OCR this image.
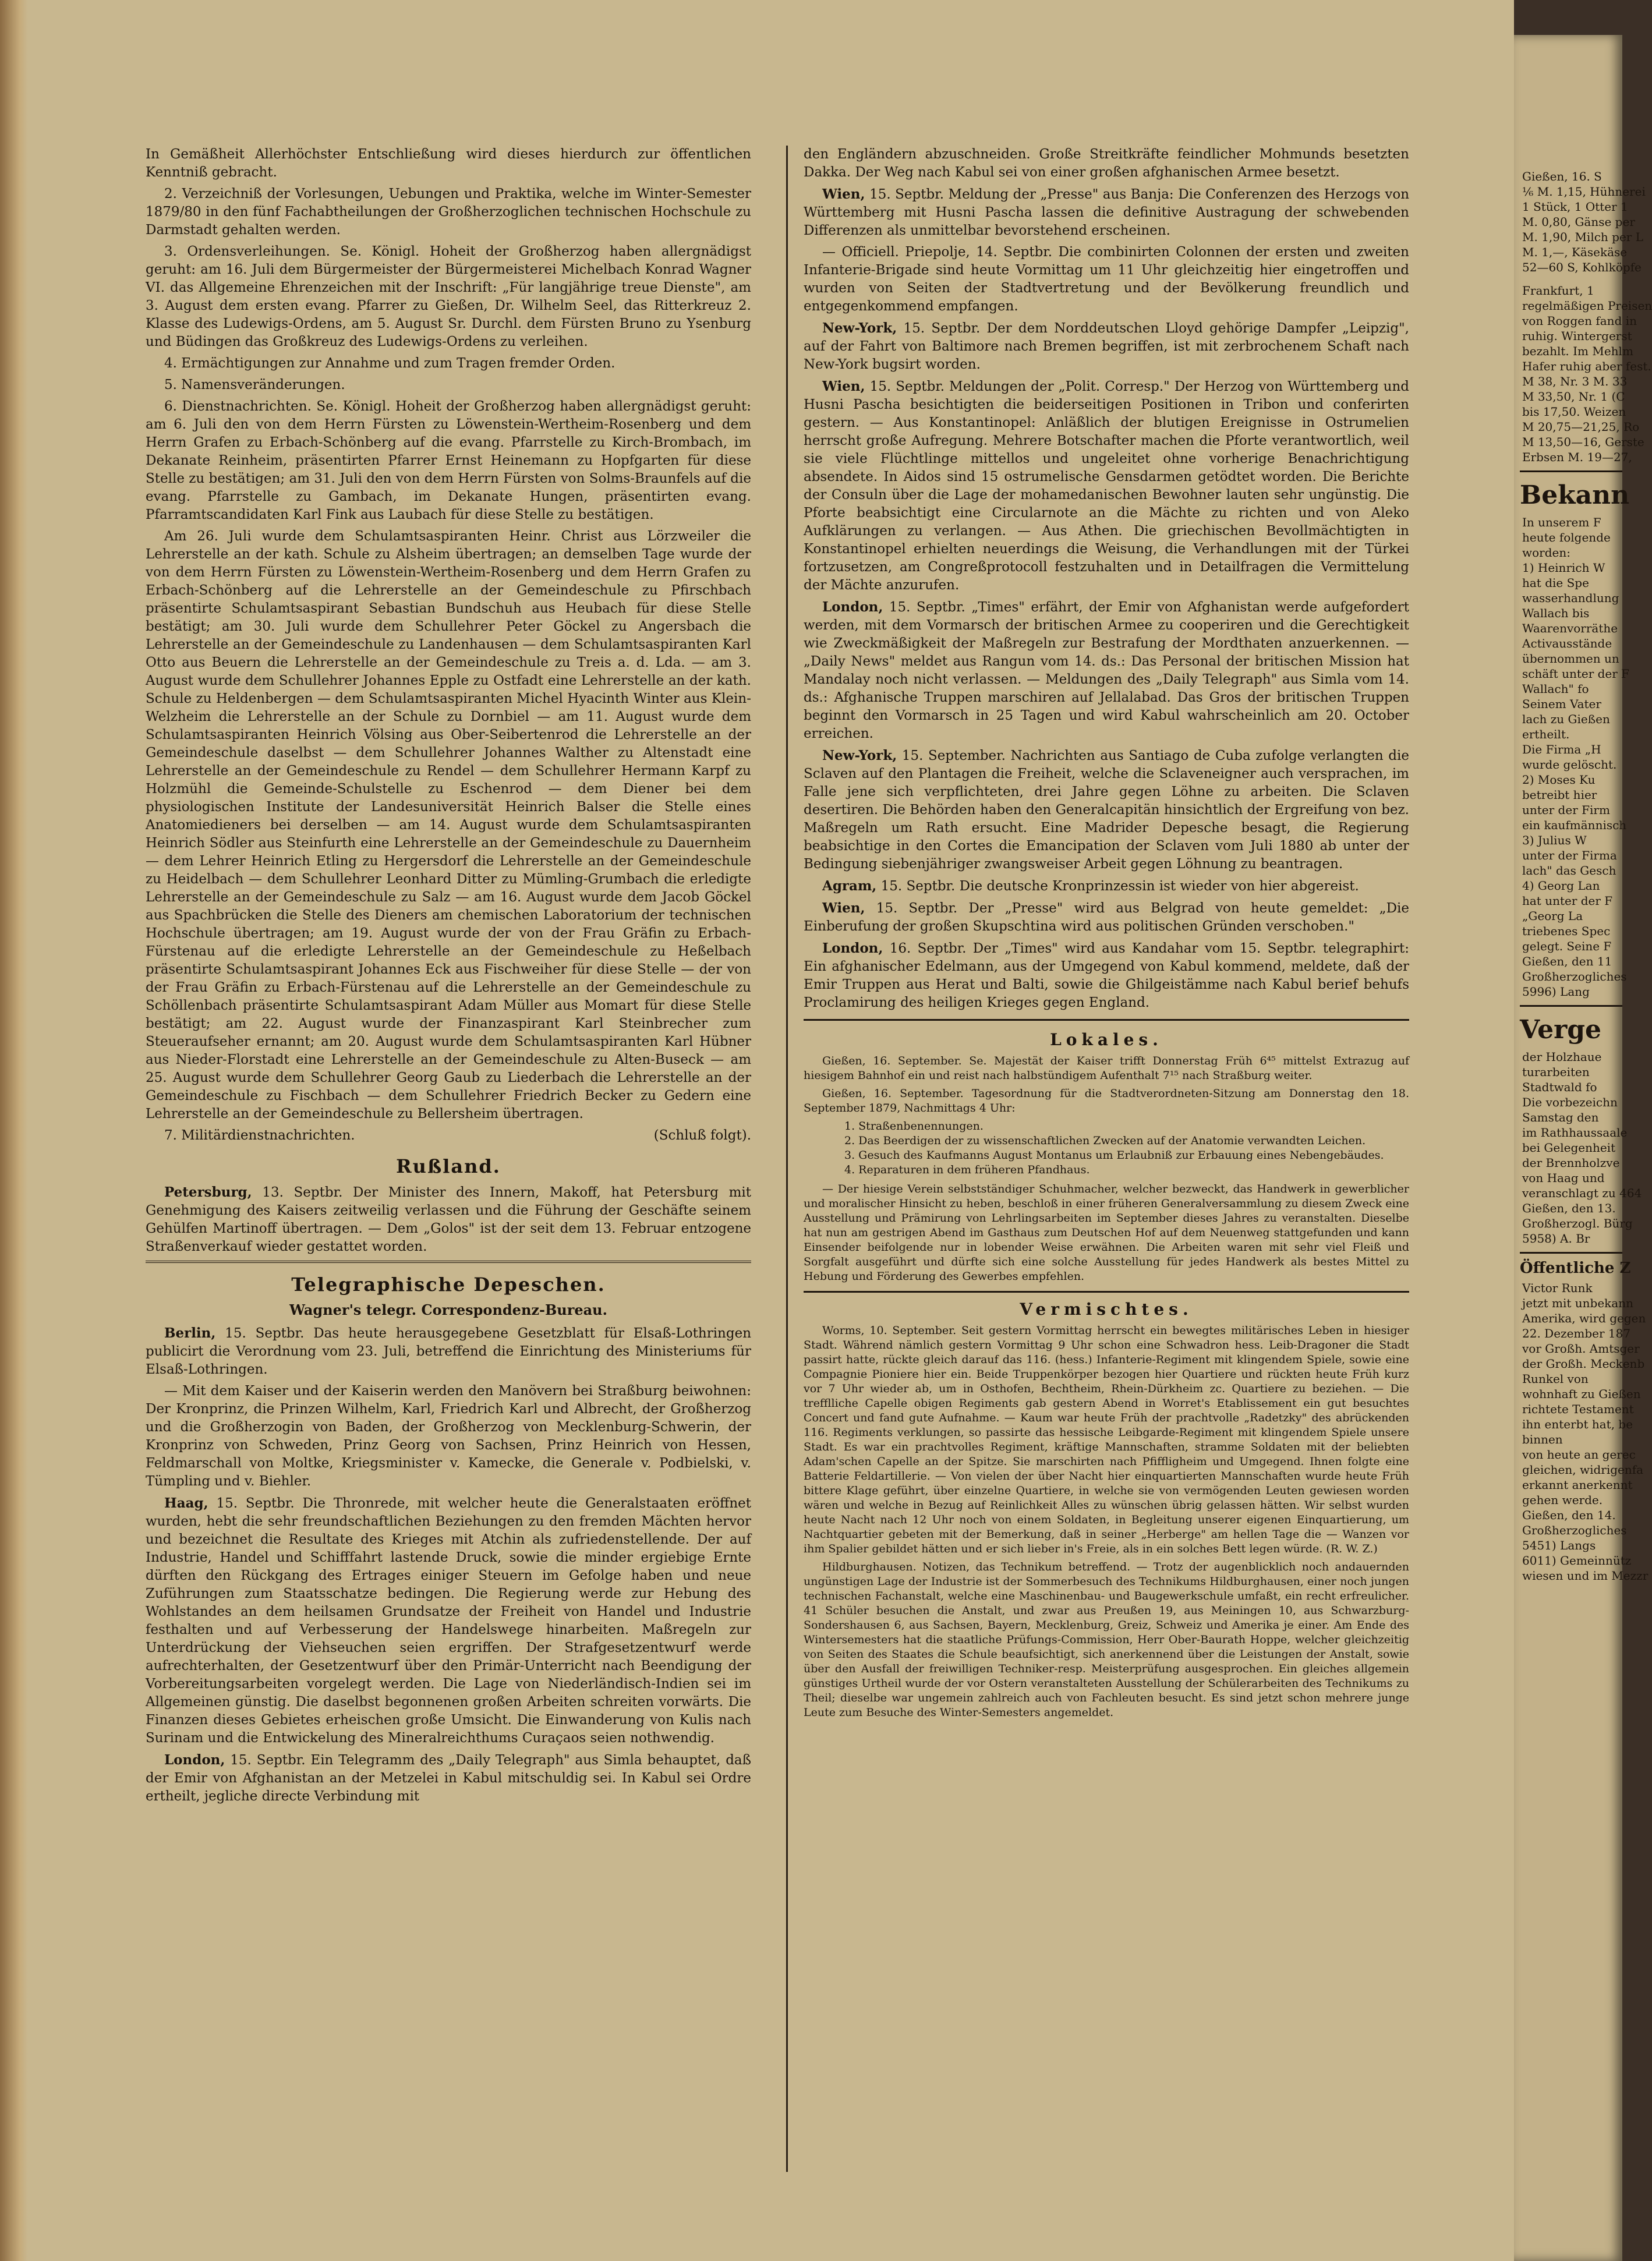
In Gemäßheit Allerhöchster Entschließung wird dieses hierdurch zur öffentlichen Kenntniß gebracht.

2. Verzeichniß der Vorlesungen, Uebungen und Praktika, welche im Winter-Semester 1879/80 in den fünf Fachabtheilungen der Großherzoglichen technischen Hochschule zu Darmstadt gehalten werden.

3. Ordensverleihungen. Se. Königl. Hoheit der Großherzog haben allergnädigst geruht: am 16. Juli dem Bürgermeister der Bürgermeisterei Michelbach Konrad Wagner VI. das Allgemeine Ehrenzeichen mit der Inschrift: „Für langjährige treue Dienste", am 3. August dem ersten evang. Pfarrer zu Gießen, Dr. Wilhelm Seel, das Ritterkreuz 2. Klasse des Ludewigs-Ordens, am 5. August Sr. Durchl. dem Fürsten Bruno zu Ysenburg und Büdingen das Großkreuz des Ludewigs-Ordens zu verleihen.

4. Ermächtigungen zur Annahme und zum Tragen fremder Orden.

5. Namensveränderungen.

6. Dienstnachrichten. Se. Königl. Hoheit der Großherzog haben allergnädigst geruht: am 6. Juli den von dem Herrn Fürsten zu Löwenstein-Wertheim-Rosenberg und dem Herrn Grafen zu Erbach-Schönberg auf die evang. Pfarrstelle zu Kirch-Brombach, im Dekanate Reinheim, präsentirten Pfarrer Ernst Heinemann zu Hopfgarten für diese Stelle zu bestätigen; am 31. Juli den von dem Herrn Fürsten von Solms-Braunfels auf die evang. Pfarrstelle zu Gambach, im Dekanate Hungen, präsentirten evang. Pfarramtscandidaten Karl Fink aus Laubach für diese Stelle zu bestätigen.

Am 26. Juli wurde dem Schulamtsaspiranten Heinr. Christ aus Lörzweiler die Lehrerstelle an der kath. Schule zu Alsheim übertragen; an demselben Tage wurde der von dem Herrn Fürsten zu Löwenstein-Wertheim-Rosenberg und dem Herrn Grafen zu Erbach-Schönberg auf die Lehrerstelle an der Gemeindeschule zu Pfirschbach präsentirte Schulamtsaspirant Sebastian Bundschuh aus Heubach für diese Stelle bestätigt; am 30. Juli wurde dem Schullehrer Peter Göckel zu Angersbach die Lehrerstelle an der Gemeindeschule zu Landenhausen — dem Schulamtsaspiranten Karl Otto aus Beuern die Lehrerstelle an der Gemeindeschule zu Treis a. d. Lda. — am 3. August wurde dem Schullehrer Johannes Epple zu Ostfadt eine Lehrerstelle an der kath. Schule zu Heldenbergen — dem Schulamtsaspiranten Michel Hyacinth Winter aus Klein-Welzheim die Lehrerstelle an der Schule zu Dornbiel — am 11. August wurde dem Schulamtsaspiranten Heinrich Völsing aus Ober-Seibertenrod die Lehrerstelle an der Gemeindeschule daselbst — dem Schullehrer Johannes Walther zu Altenstadt eine Lehrerstelle an der Gemeindeschule zu Rendel — dem Schullehrer Hermann Karpf zu Holzmühl die Gemeinde-Schulstelle zu Eschenrod — dem Diener bei dem physiologischen Institute der Landesuniversität Heinrich Balser die Stelle eines Anatomiedieners bei derselben — am 14. August wurde dem Schulamtsaspiranten Heinrich Södler aus Steinfurth eine Lehrerstelle an der Gemeindeschule zu Dauernheim — dem Lehrer Heinrich Etling zu Hergersdorf die Lehrerstelle an der Gemeindeschule zu Heidelbach — dem Schullehrer Leonhard Ditter zu Mümling-Grumbach die erledigte Lehrerstelle an der Gemeindeschule zu Salz — am 16. August wurde dem Jacob Göckel aus Spachbrücken die Stelle des Dieners am chemischen Laboratorium der technischen Hochschule übertragen; am 19. August wurde der von der Frau Gräfin zu Erbach-Fürstenau auf die erledigte Lehrerstelle an der Gemeindeschule zu Heßelbach präsentirte Schulamtsaspirant Johannes Eck aus Fischweiher für diese Stelle — der von der Frau Gräfin zu Erbach-Fürstenau auf die Lehrerstelle an der Gemeindeschule zu Schöllenbach präsentirte Schulamtsaspirant Adam Müller aus Momart für diese Stelle bestätigt; am 22. August wurde der Finanzaspirant Karl Steinbrecher zum Steueraufseher ernannt; am 20. August wurde dem Schulamtsaspiranten Karl Hübner aus Nieder-Florstadt eine Lehrerstelle an der Gemeindeschule zu Alten-Buseck — am 25. August wurde dem Schullehrer Georg Gaub zu Liederbach die Lehrerstelle an der Gemeindeschule zu Fischbach — dem Schullehrer Friedrich Becker zu Gedern eine Lehrerstelle an der Gemeindeschule zu Bellersheim übertragen.

7. Militärdienstnachrichten.	(Schluß folgt).

Rußland.

Petersburg, 13. Septbr. Der Minister des Innern, Makoff, hat Petersburg mit Genehmigung des Kaisers zeitweilig verlassen und die Führung der Geschäfte seinem Gehülfen Martinoff übertragen. — Dem „Golos" ist der seit dem 13. Februar entzogene Straßenverkauf wieder gestattet worden.

Telegraphische Depeschen.
Wagner's telegr. Correspondenz-Bureau.

Berlin, 15. Septbr. Das heute herausgegebene Gesetzblatt für Elsaß-Lothringen publicirt die Verordnung vom 23. Juli, betreffend die Einrichtung des Ministeriums für Elsaß-Lothringen.

— Mit dem Kaiser und der Kaiserin werden den Manövern bei Straßburg beiwohnen: Der Kronprinz, die Prinzen Wilhelm, Karl, Friedrich Karl und Albrecht, der Großherzog und die Großherzogin von Baden, der Großherzog von Mecklenburg-Schwerin, der Kronprinz von Schweden, Prinz Georg von Sachsen, Prinz Heinrich von Hessen, Feldmarschall von Moltke, Kriegsminister v. Kamecke, die Generale v. Podbielski, v. Tümpling und v. Biehler.

Haag, 15. Septbr. Die Thronrede, mit welcher heute die Generalstaaten eröffnet wurden, hebt die sehr freundschaftlichen Beziehungen zu den fremden Mächten hervor und bezeichnet die Resultate des Krieges mit Atchin als zufriedenstellende. Der auf Industrie, Handel und Schifffahrt lastende Druck, sowie die minder ergiebige Ernte dürften den Rückgang des Ertrages einiger Steuern im Gefolge haben und neue Zuführungen zum Staatsschatze bedingen. Die Regierung werde zur Hebung des Wohlstandes an dem heilsamen Grundsatze der Freiheit von Handel und Industrie festhalten und auf Verbesserung der Handelswege hinarbeiten. Maßregeln zur Unterdrückung der Viehseuchen seien ergriffen. Der Strafgesetzentwurf werde aufrechterhalten, der Gesetzentwurf über den Primär-Unterricht nach Beendigung der Vorbereitungsarbeiten vorgelegt werden. Die Lage von Niederländisch-Indien sei im Allgemeinen günstig. Die daselbst begonnenen großen Arbeiten schreiten vorwärts. Die Finanzen dieses Gebietes erheischen große Umsicht. Die Einwanderung von Kulis nach Surinam und die Entwickelung des Mineralreichthums Curaçaos seien nothwendig.

London, 15. Septbr. Ein Telegramm des „Daily Telegraph" aus Simla behauptet, daß der Emir von Afghanistan an der Metzelei in Kabul mitschuldig sei. In Kabul sei Ordre ertheilt, jegliche directe Verbindung mit

den Engländern abzuschneiden. Große Streitkräfte feindlicher Mohmunds besetzten Dakka. Der Weg nach Kabul sei von einer großen afghanischen Armee besetzt.

Wien, 15. Septbr. Meldung der „Presse" aus Banja: Die Conferenzen des Herzogs von Württemberg mit Husni Pascha lassen die definitive Austragung der schwebenden Differenzen als unmittelbar bevorstehend erscheinen.

— Officiell. Priepolje, 14. Septbr. Die combinirten Colonnen der ersten und zweiten Infanterie-Brigade sind heute Vormittag um 11 Uhr gleichzeitig hier eingetroffen und wurden von Seiten der Stadtvertretung und der Bevölkerung freundlich und entgegenkommend empfangen.

New-York, 15. Septbr. Der dem Norddeutschen Lloyd gehörige Dampfer „Leipzig", auf der Fahrt von Baltimore nach Bremen begriffen, ist mit zerbrochenem Schaft nach New-York bugsirt worden.

Wien, 15. Septbr. Meldungen der „Polit. Corresp." Der Herzog von Württemberg und Husni Pascha besichtigten die beiderseitigen Positionen in Tribon und conferirten gestern. — Aus Konstantinopel: Anläßlich der blutigen Ereignisse in Ostrumelien herrscht große Aufregung. Mehrere Botschafter machen die Pforte verantwortlich, weil sie viele Flüchtlinge mittellos und ungeleitet ohne vorherige Benachrichtigung absendete. In Aidos sind 15 ostrumelische Gensdarmen getödtet worden. Die Berichte der Consuln über die Lage der mohamedanischen Bewohner lauten sehr ungünstig. Die Pforte beabsichtigt eine Circularnote an die Mächte zu richten und von Aleko Aufklärungen zu verlangen. — Aus Athen. Die griechischen Bevollmächtigten in Konstantinopel erhielten neuerdings die Weisung, die Verhandlungen mit der Türkei fortzusetzen, am Congreßprotocoll festzuhalten und in Detailfragen die Vermittelung der Mächte anzurufen.

London, 15. Septbr. „Times" erfährt, der Emir von Afghanistan werde aufgefordert werden, mit dem Vormarsch der britischen Armee zu cooperiren und die Gerechtigkeit wie Zweckmäßigkeit der Maßregeln zur Bestrafung der Mordthaten anzuerkennen. — „Daily News" meldet aus Rangun vom 14. ds.: Das Personal der britischen Mission hat Mandalay noch nicht verlassen. — Meldungen des „Daily Telegraph" aus Simla vom 14. ds.: Afghanische Truppen marschiren auf Jellalabad. Das Gros der britischen Truppen beginnt den Vormarsch in 25 Tagen und wird Kabul wahrscheinlich am 20. October erreichen.

New-York, 15. September. Nachrichten aus Santiago de Cuba zufolge verlangten die Sclaven auf den Plantagen die Freiheit, welche die Sclaveneigner auch versprachen, im Falle jene sich verpflichteten, drei Jahre gegen Löhne zu arbeiten. Die Sclaven desertiren. Die Behörden haben den Generalcapitän hinsichtlich der Ergreifung von bez. Maßregeln um Rath ersucht. Eine Madrider Depesche besagt, die Regierung beabsichtige in den Cortes die Emancipation der Sclaven vom Juli 1880 ab unter der Bedingung siebenjähriger zwangsweiser Arbeit gegen Löhnung zu beantragen.

Agram, 15. Septbr. Die deutsche Kronprinzessin ist wieder von hier abgereist.

Wien, 15. Septbr. Der „Presse" wird aus Belgrad von heute gemeldet: „Die Einberufung der großen Skupschtina wird aus politischen Gründen verschoben."

London, 16. Septbr. Der „Times" wird aus Kandahar vom 15. Septbr. telegraphirt: Ein afghanischer Edelmann, aus der Umgegend von Kabul kommend, meldete, daß der Emir Truppen aus Herat und Balti, sowie die Ghilgeistämme nach Kabul berief behufs Proclamirung des heiligen Krieges gegen England.

Lokales.

Gießen, 16. September. Se. Majestät der Kaiser trifft Donnerstag Früh 6⁴⁵ mittelst Extrazug auf hiesigem Bahnhof ein und reist nach halbstündigem Aufenthalt 7¹⁵ nach Straßburg weiter.

Gießen, 16. September. Tagesordnung für die Stadtverordneten-Sitzung am Donnerstag den 18. September 1879, Nachmittags 4 Uhr:

1. Straßenbenennungen.
2. Das Beerdigen der zu wissenschaftlichen Zwecken auf der Anatomie verwandten Leichen.
3. Gesuch des Kaufmanns August Montanus um Erlaubniß zur Erbauung eines Nebengebäudes.
4. Reparaturen in dem früheren Pfandhaus.

— Der hiesige Verein selbstständiger Schuhmacher, welcher bezweckt, das Handwerk in gewerblicher und moralischer Hinsicht zu heben, beschloß in einer früheren Generalversammlung zu diesem Zweck eine Ausstellung und Prämirung von Lehrlingsarbeiten im September dieses Jahres zu veranstalten. Dieselbe hat nun am gestrigen Abend im Gasthaus zum Deutschen Hof auf dem Neuenweg stattgefunden und kann Einsender beifolgende nur in lobender Weise erwähnen. Die Arbeiten waren mit sehr viel Fleiß und Sorgfalt ausgeführt und dürfte sich eine solche Ausstellung für jedes Handwerk als bestes Mittel zu Hebung und Förderung des Gewerbes empfehlen.

Vermischtes.

Worms, 10. September. Seit gestern Vormittag herrscht ein bewegtes militärisches Leben in hiesiger Stadt. Während nämlich gestern Vormittag 9 Uhr schon eine Schwadron hess. Leib-Dragoner die Stadt passirt hatte, rückte gleich darauf das 116. (hess.) Infanterie-Regiment mit klingendem Spiele, sowie eine Compagnie Pioniere hier ein. Beide Truppenkörper bezogen hier Quartiere und rückten heute Früh kurz vor 7 Uhr wieder ab, um in Osthofen, Bechtheim, Rhein-Dürkheim zc. Quartiere zu beziehen. — Die trefflliche Capelle obigen Regiments gab gestern Abend in Worret's Etablissement ein gut besuchtes Concert und fand gute Aufnahme. — Kaum war heute Früh der prachtvolle „Radetzky" des abrückenden 116. Regiments verklungen, so passirte das hessische Leibgarde-Regiment mit klingendem Spiele unsere Stadt. Es war ein prachtvolles Regiment, kräftige Mannschaften, stramme Soldaten mit der beliebten Adam'schen Capelle an der Spitze. Sie marschirten nach Pfiffligheim und Umgegend. Ihnen folgte eine Batterie Feldartillerie. — Von vielen der über Nacht hier einquartierten Mannschaften wurde heute Früh bittere Klage geführt, über einzelne Quartiere, in welche sie von vermögenden Leuten gewiesen worden wären und welche in Bezug auf Reinlichkeit Alles zu wünschen übrig gelassen hätten. Wir selbst wurden heute Nacht nach 12 Uhr noch von einem Soldaten, in Begleitung unserer eigenen Einquartierung, um Nachtquartier gebeten mit der Bemerkung, daß in seiner „Herberge" am hellen Tage die — Wanzen vor ihm Spalier gebildet hätten und er sich lieber in's Freie, als in ein solches Bett legen würde. (R. W. Z.)

Hildburghausen. Notizen, das Technikum betreffend. — Trotz der augenblicklich noch andauernden ungünstigen Lage der Industrie ist der Sommerbesuch des Technikums Hildburghausen, einer noch jungen technischen Fachanstalt, welche eine Maschinenbau- und Baugewerkschule umfaßt, ein recht erfreulicher. 41 Schüler besuchen die Anstalt, und zwar aus Preußen 19, aus Meiningen 10, aus Schwarzburg-Sondershausen 6, aus Sachsen, Bayern, Mecklenburg, Greiz, Schweiz und Amerika je einer. Am Ende des Wintersemesters hat die staatliche Prüfungs-Commission, Herr Ober-Baurath Hoppe, welcher gleichzeitig von Seiten des Staates die Schule beaufsichtigt, sich anerkennend über die Leistungen der Anstalt, sowie über den Ausfall der freiwilligen Techniker-resp. Meisterprüfung ausgesprochen. Ein gleiches allgemein günstiges Urtheil wurde der vor Ostern veranstalteten Ausstellung der Schülerarbeiten des Technikums zu Theil; dieselbe war ungemein zahlreich auch von Fachleuten besucht. Es sind jetzt schon mehrere junge Leute zum Besuche des Winter-Semesters angemeldet.

Gießen, 16. S
⅙ M. 1,15, Hühnerei
1 Stück, 1 Otter 1
M. 0,80, Gänse per
M. 1,90, Milch per L
M. 1,—, Käsekäse
52—60 S, Kohlköpfe
Frankfurt, 1
regelmäßigen Preisen
von Roggen fand in
ruhig. Wintergerst
bezahlt. Im Mehlm
Hafer ruhig aber fest.
M 38, Nr. 3 M. 33
M 33,50, Nr. 1 (C
bis 17,50. Weizen
M 20,75—21,25, Ro
M 13,50—16, Gerste
Erbsen M. 19—27,
Bekann
In unserem F
heute folgende
worden:
1) Heinrich W
hat die Spe
wasserhandlung
Wallach bis
Waarenvorräthe
Activausstände
übernommen un
schäft unter der F
Wallach" fo
Seinem Vater
lach zu Gießen
ertheilt.
Die Firma „H
wurde gelöscht.
2) Moses Ku
betreibt hier
unter der Firm
ein kaufmännisch
3) Julius W
unter der Firma
lach" das Gesch
4) Georg Lan
hat unter der F
„Georg La
triebenes Spec
gelegt. Seine F
Gießen, den 11
Großherzogliches
5996) Lang
Verge
der Holzhaue
turarbeiten
Stadtwald fo
Die vorbezeichn
Samstag den
im Rathhaussaale
bei Gelegenheit
der Brennholzve
von Haag und
veranschlagt zu 464
Gießen, den 13.
Großherzogl. Bürg
5958) A. Br
Öffentliche Z
Victor Runk
jetzt mit unbekann
Amerika, wird gegen
22. Dezember 187
vor Großh. Amtsger
der Großh. Meckenb
Runkel von
wohnhaft zu Gießen
richtete Testament
ihn enterbt hat, be
binnen
von heute an gerec
gleichen, widrigenfa
erkannt anerkennt
gehen werde.
Gießen, den 14.
Großherzogliches
5451) Langs
6011) Gemeinnütz
wiesen und im Mezzr
